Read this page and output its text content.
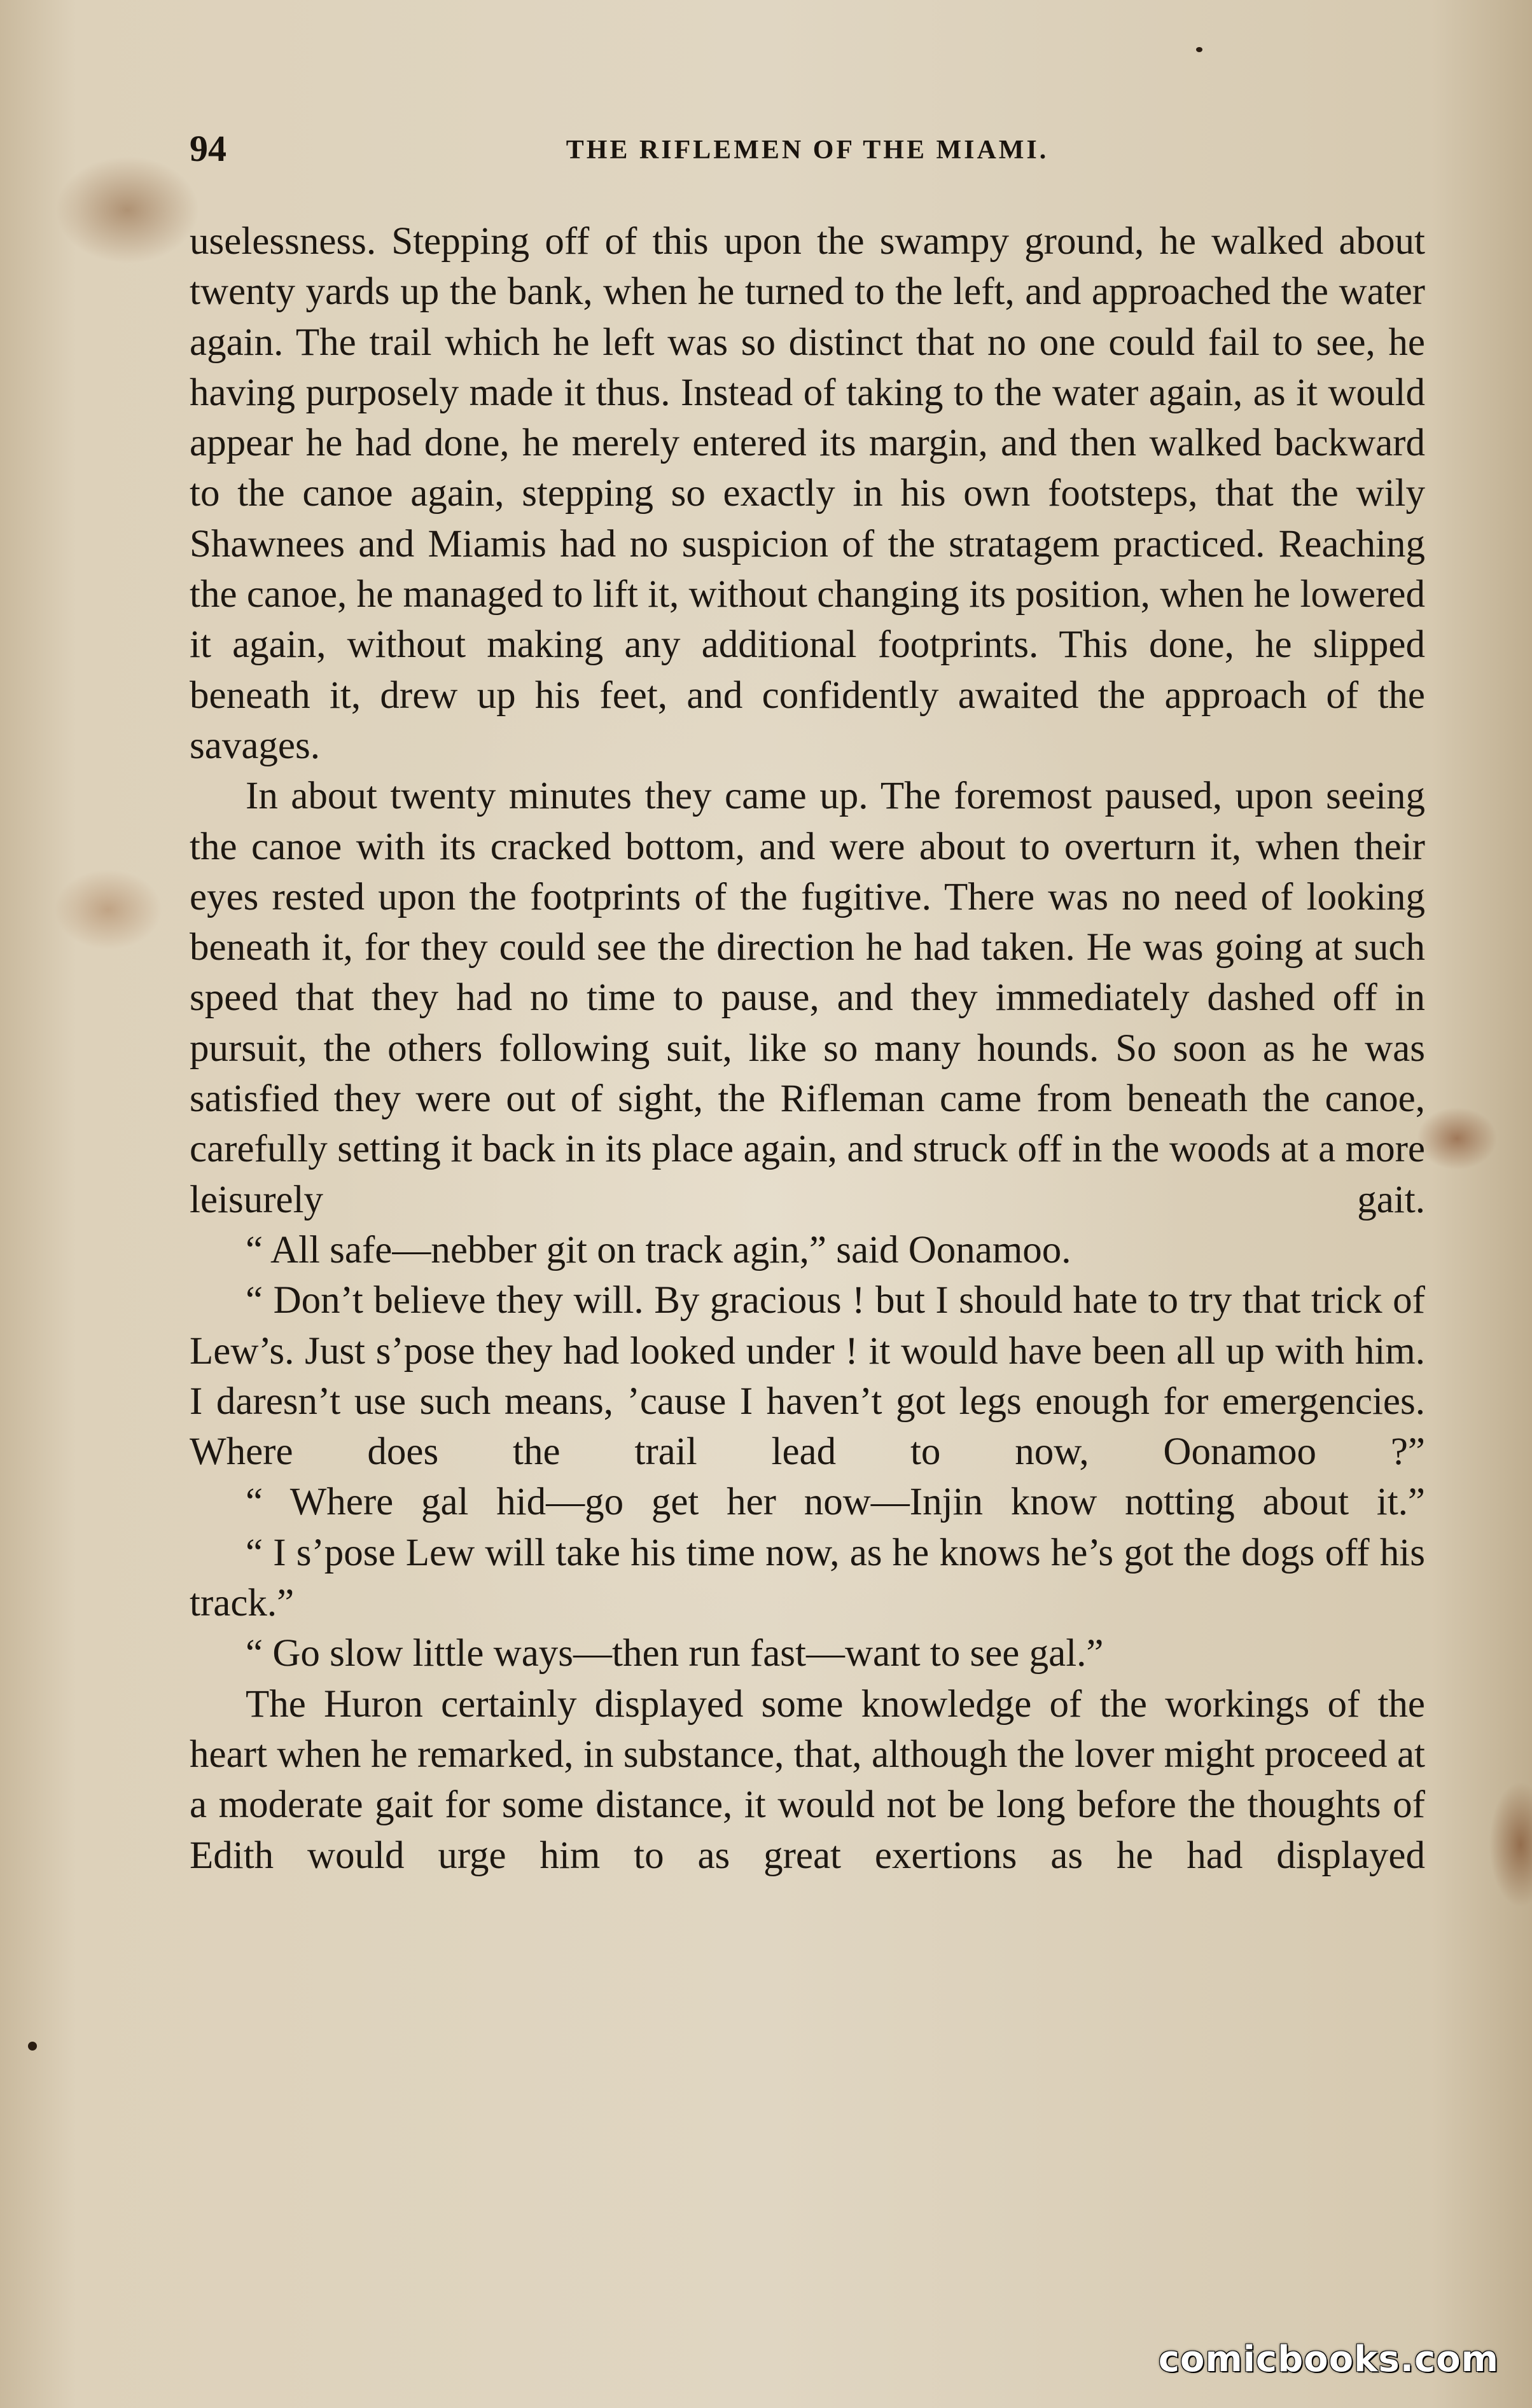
94	THE RIFLEMEN OF THE MIAMI.

uselessness. Stepping off of this upon the swampy ground, he walked about twenty yards up the bank, when he turned to the left, and approached the water again. The trail which he left was so distinct that no one could fail to see, he having purposely made it thus. Instead of taking to the water again, as it would appear he had done, he merely entered its margin, and then walked backward to the canoe again, stepping so exactly in his own footsteps, that the wily Shawnees and Miamis had no suspicion of the stratagem practiced. Reaching the canoe, he managed to lift it, without changing its position, when he lowered it again, without making any additional footprints. This done, he slipped beneath it, drew up his feet, and confidently awaited the approach of the savages.

In about twenty minutes they came up. The foremost paused, upon seeing the canoe with its cracked bottom, and were about to overturn it, when their eyes rested upon the footprints of the fugitive. There was no need of looking beneath it, for they could see the direction he had taken. He was going at such speed that they had no time to pause, and they immediately dashed off in pursuit, the others following suit, like so many hounds. So soon as he was satisfied they were out of sight, the Rifleman came from beneath the canoe, carefully setting it back in its place again, and struck off in the woods at a more leisurely gait.

“ All safe—nebber git on track agin,” said Oonamoo.

“ Don’t believe they will. By gracious ! but I should hate to try that trick of Lew’s. Just s’pose they had looked under ! it would have been all up with him. I daresn’t use such means, ’cause I haven’t got legs enough for emergencies. Where does the trail lead to now, Oonamoo ?”

“ Where gal hid—go get her now—Injin know notting about it.”

“ I s’pose Lew will take his time now, as he knows he’s got the dogs off his track.”

“ Go slow little ways—then run fast—want to see gal.”

The Huron certainly displayed some knowledge of the workings of the heart when he remarked, in substance, that, although the lover might proceed at a moderate gait for some distance, it would not be long before the thoughts of Edith would urge him to as great exertions as he had displayed

comicbooks.com
